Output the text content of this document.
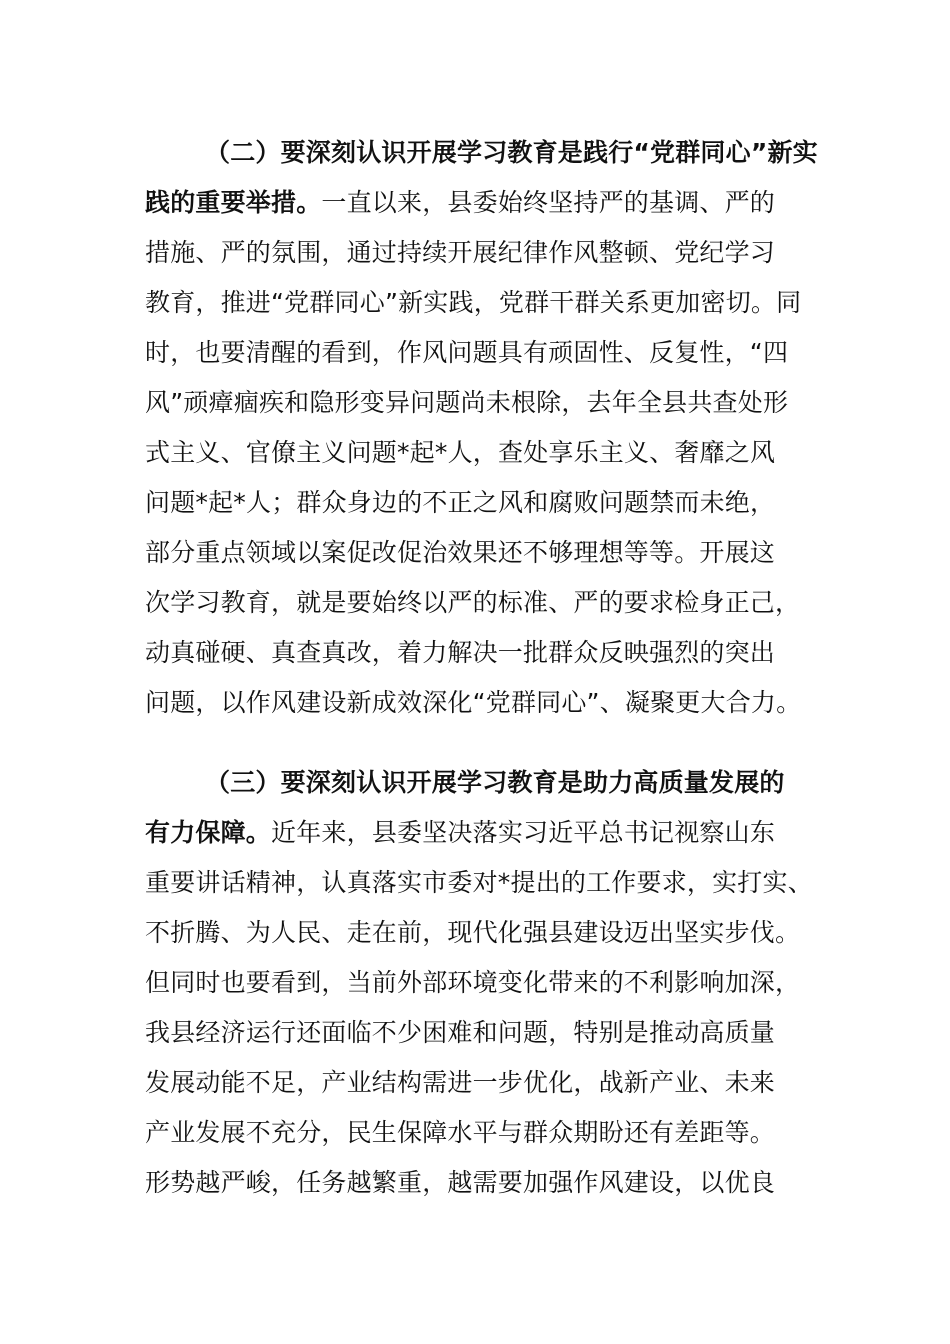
（二）要深刻认识开展学习教育是践行“党群同心”新实
践的重要举措。一直以来，县委始终坚持严的基调、严的
措施、严的氛围，通过持续开展纪律作风整顿、党纪学习
教育，推进“党群同心”新实践，党群干群关系更加密切。同
时，也要清醒的看到，作风问题具有顽固性、反复性，“四
风”顽瘴痼疾和隐形变异问题尚未根除，去年全县共查处形
式主义、官僚主义问题*起*人，查处享乐主义、奢靡之风
问题*起*人；群众身边的不正之风和腐败问题禁而未绝，
部分重点领域以案促改促治效果还不够理想等等。开展这
次学习教育，就是要始终以严的标准、严的要求检身正己，
动真碰硬、真查真改，着力解决一批群众反映强烈的突出
问题，以作风建设新成效深化“党群同心”、凝聚更大合力。
（三）要深刻认识开展学习教育是助力高质量发展的
有力保障。近年来，县委坚决落实习近平总书记视察山东
重要讲话精神，认真落实市委对*提出的工作要求，实打实、
不折腾、为人民、走在前，现代化强县建设迈出坚实步伐。
但同时也要看到，当前外部环境变化带来的不利影响加深，
我县经济运行还面临不少困难和问题，特别是推动高质量
发展动能不足，产业结构需进一步优化，战新产业、未来
产业发展不充分，民生保障水平与群众期盼还有差距等。
形势越严峻，任务越繁重，越需要加强作风建设，以优良
